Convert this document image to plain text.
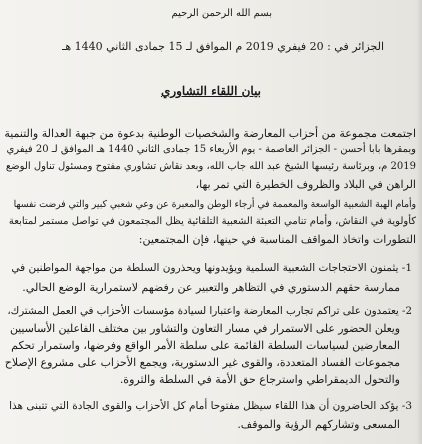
بسم الله الرحمن الرحيم
الجزائر في : 20 فيفري 2019 م الموافق لـ 15 جمادى الثاني 1440 هـ
بيان اللقاء التشاوري
اجتمعت مجموعة من أحزاب المعارضة والشخصيات الوطنية بدعوة من جبهة العدالة والتنمية
وبمقرها بابا أحسن - الجزائر العاصمة - يوم الأربعاء 15 جمادى الثاني 1440 هـ الموافق لـ 20 فيفري
2019 م، وبرئاسة رئيسها الشيخ عبد الله جاب الله، وبعد نقاش تشاوري مفتوح ومسئول تناول الوضع
الراهن في البلاد والظروف الخطيرة التي تمر بها،
وأمام الهبة الشعبية الواسعة والمعممة في أرجاء الوطن والمعبرة عن وعي شعبي كبير والتي فرضت نفسها
كأولوية في النقاش، وأمام تنامي التعبئة الشعبية التلقائية يظل المجتمعون في تواصل مستمر لمتابعة
التطورات واتخاذ المواقف المناسبة في حينها، فإن المجتمعين:
1- يثمنون الاحتجاجات الشعبية السلمية ويؤيدونها ويحذرون السلطة من مواجهة المواطنين في
ممارسة حقهم الدستوري في التظاهر والتعبير عن رفضهم لاستمرارية الوضع الحالي.
2- يعتمدون على تراكم تجارب المعارضة واعتبارا لسيادة مؤسسات الأحزاب في العمل المشترك،
ويعلن الحضور على الاستمرار في مسار التعاون والتشاور بين مختلف الفاعلين الأساسيين
المعارضين لسياسات السلطة القائمة على سلطة الأمر الواقع وفرضها، واستمرار تحكم
مجموعات الفساد المتعددة، والقوى غير الدستورية، ويجمع الأحزاب على مشروع الإصلاح
والتحول الديمقراطي واسترجاع حق الأمة في السلطة والثروة.
3- يؤكد الحاضرون أن هذا اللقاء سيظل مفتوحا أمام كل الأحزاب والقوى الجادة التي تتبنى هذا
المسعى وتشاركهم الرؤية والموقف.
